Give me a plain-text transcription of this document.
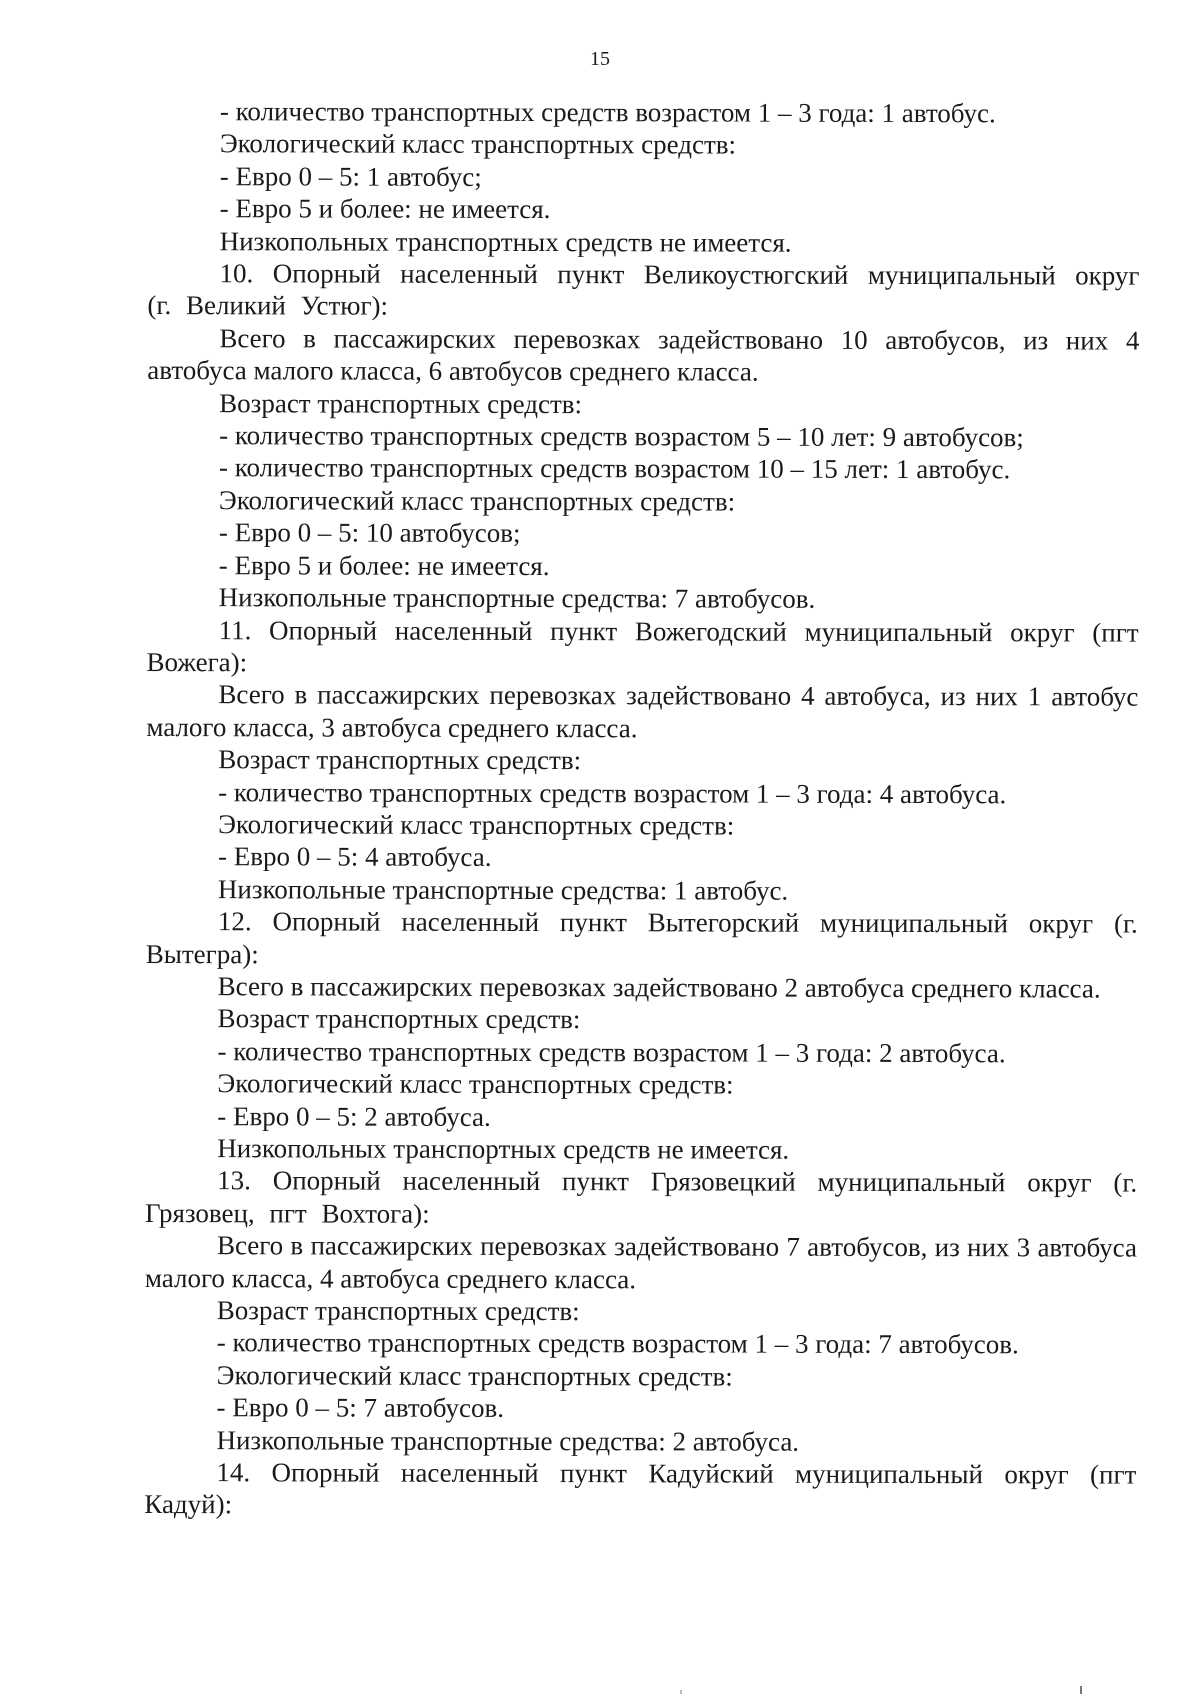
15

- количество транспортных средств возрастом 1 – 3 года: 1 автобус.

Экологический класс транспортных средств:

- Евро 0 – 5: 1 автобус;

- Евро 5 и более: не имеется.

Низкопольных транспортных средств не имеется.

10. Опорный населенный пункт Великоустюгский муниципальный округ (г. Великий Устюг):

Всего в пассажирских перевозках задействовано 10 автобусов, из них 4 автобуса малого класса, 6 автобусов среднего класса.

Возраст транспортных средств:

- количество транспортных средств возрастом 5 – 10 лет: 9 автобусов;

- количество транспортных средств возрастом 10 – 15 лет: 1 автобус.

Экологический класс транспортных средств:

- Евро 0 – 5: 10 автобусов;

- Евро 5 и более: не имеется.

Низкопольные транспортные средства: 7 автобусов.

11. Опорный населенный пункт Вожегодский муниципальный округ (пгт Вожега):

Всего в пассажирских перевозках задействовано 4 автобуса, из них 1 автобус малого класса, 3 автобуса среднего класса.

Возраст транспортных средств:

- количество транспортных средств возрастом 1 – 3 года: 4 автобуса.

Экологический класс транспортных средств:

- Евро 0 – 5: 4 автобуса.

Низкопольные транспортные средства: 1 автобус.

12. Опорный населенный пункт Вытегорский муниципальный округ (г. Вытегра):

Всего в пассажирских перевозках задействовано 2 автобуса среднего класса.

Возраст транспортных средств:

- количество транспортных средств возрастом 1 – 3 года: 2 автобуса.

Экологический класс транспортных средств:

- Евро 0 – 5: 2 автобуса.

Низкопольных транспортных средств не имеется.

13. Опорный населенный пункт Грязовецкий муниципальный округ (г. Грязовец, пгт Вохтога):

Всего в пассажирских перевозках задействовано 7 автобусов, из них 3 автобуса малого класса, 4 автобуса среднего класса.

Возраст транспортных средств:

- количество транспортных средств возрастом 1 – 3 года: 7 автобусов.

Экологический класс транспортных средств:

- Евро 0 – 5: 7 автобусов.

Низкопольные транспортные средства: 2 автобуса.

14. Опорный населенный пункт Кадуйский муниципальный округ (пгт Кадуй):
